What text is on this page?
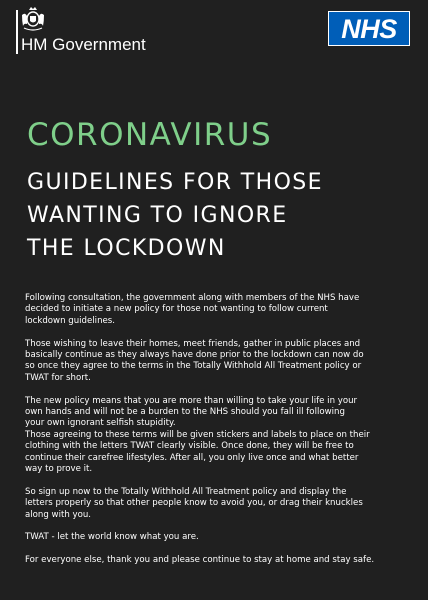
HM Government
NHS
CORONAVIRUS
GUIDELINES FOR THOSE
WANTING TO IGNORE
THE LOCKDOWN

Following consultation, the government along with members of the NHS have

decided to initiate a new policy for those not wanting to follow current

lockdown guidelines.

Those wishing to leave their homes, meet friends, gather in public places and

basically continue as they always have done prior to the lockdown can now do

so once they agree to the terms in the Totally Withhold All Treatment policy or

TWAT for short.

The new policy means that you are more than willing to take your life in your

own hands and will not be a burden to the NHS should you fall ill following

your own ignorant selfish stupidity.

Those agreeing to these terms will be given stickers and labels to place on their

clothing with the letters TWAT clearly visible. Once done, they will be free to

continue their carefree lifestyles. After all, you only live once and what better

way to prove it.

So sign up now to the Totally Withhold All Treatment policy and display the

letters properly so that other people know to avoid you, or drag their knuckles

along with you.

TWAT - let the world know what you are.

For everyone else, thank you and please continue to stay at home and stay safe.
